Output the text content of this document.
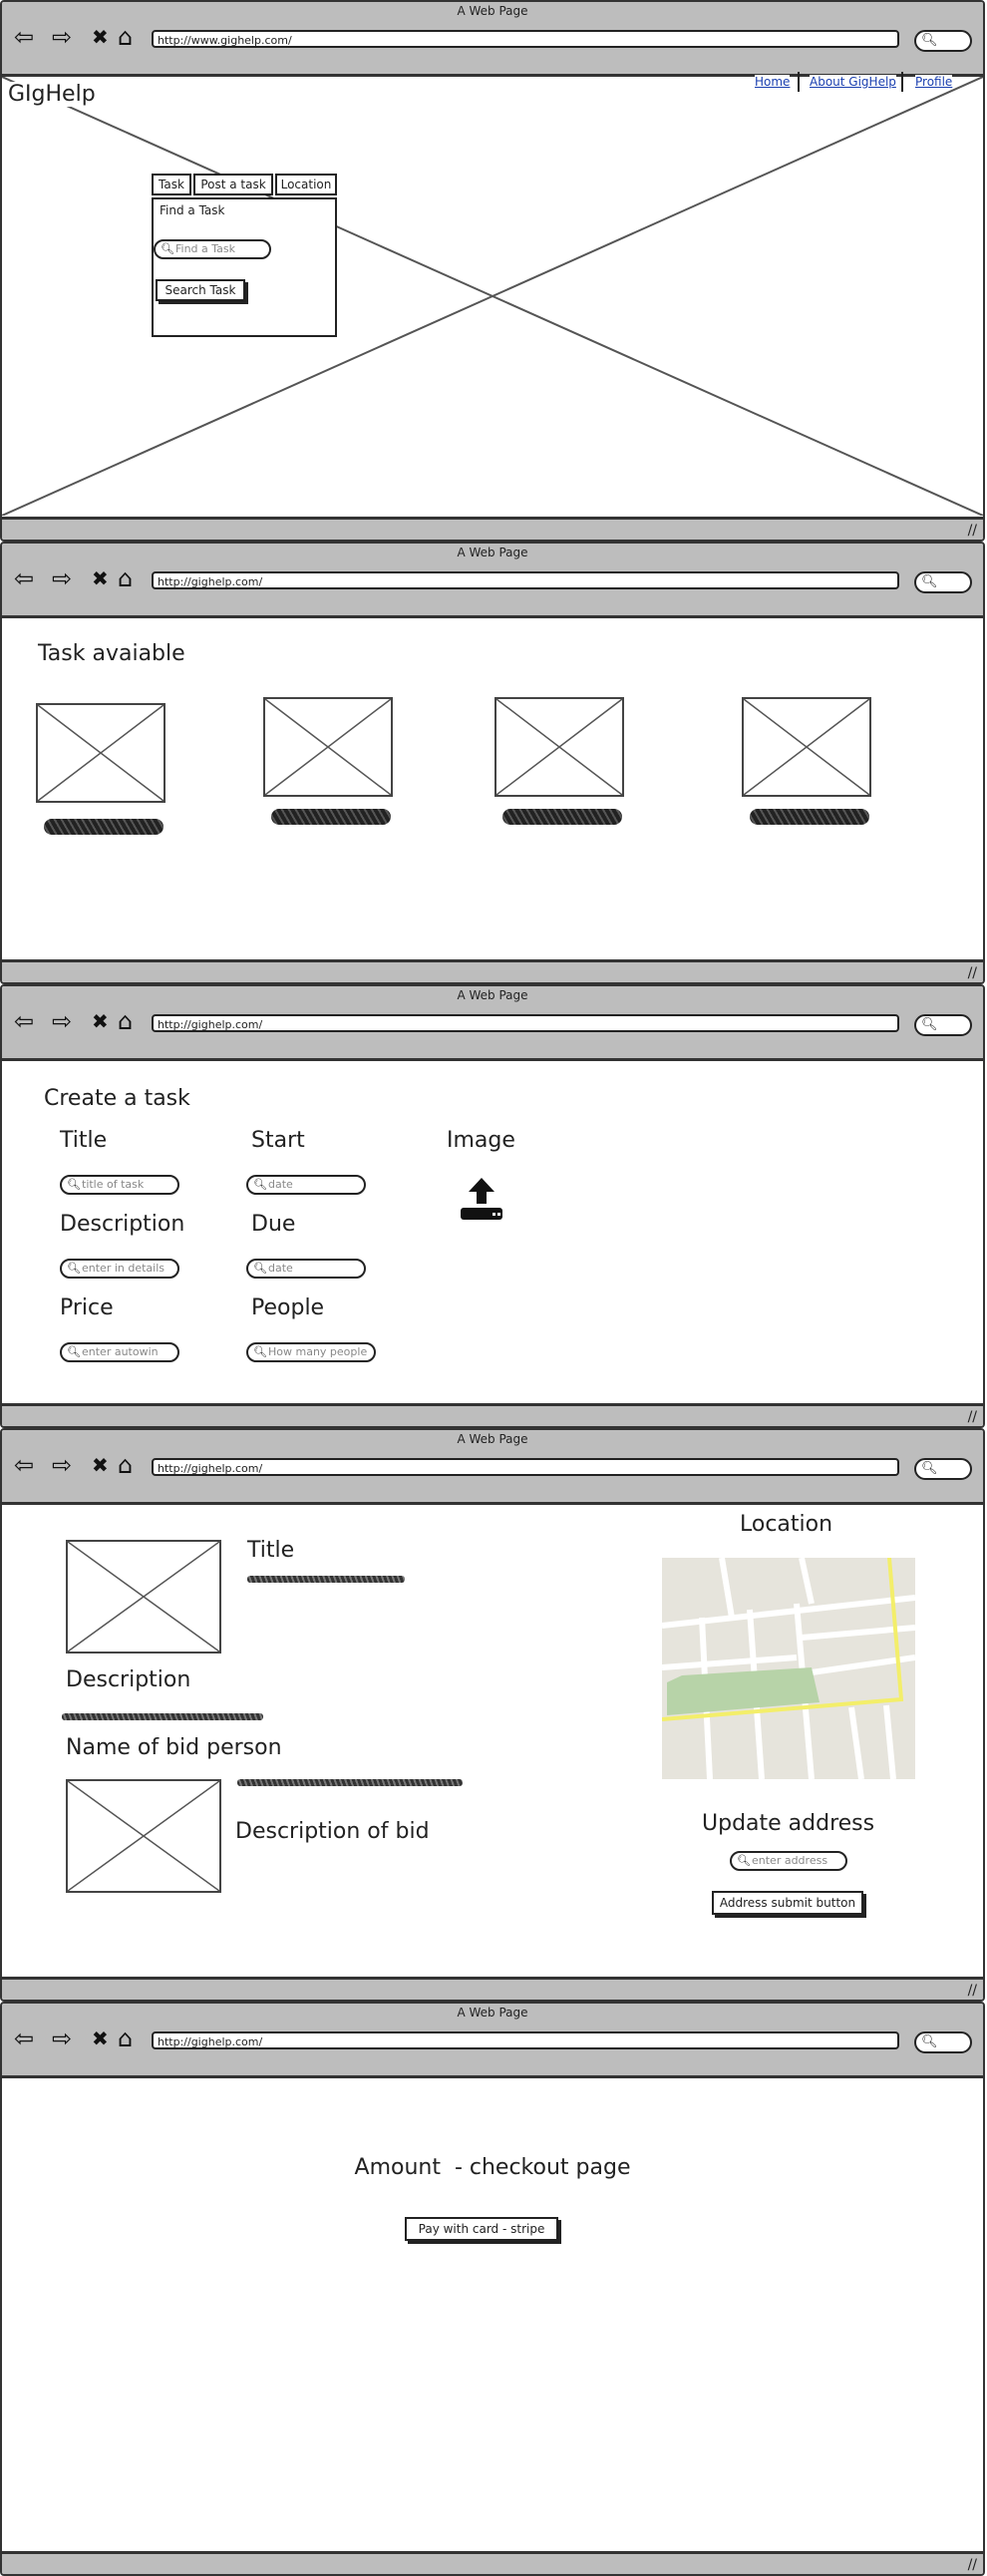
A Web Page
⇦ ⇨ ✖ ⌂	http://www.gighelp.com/	🔍︎
GIgHelp	Home About GigHelp Profile
Task	Post a task	Location
Find a Task
🔍︎ Find a Task
Search Task
//
A Web Page
⇦ ⇨ ✖ ⌂	http://gighelp.com/	🔍︎
Task avaiable
//
A Web Page
⇦ ⇨ ✖ ⌂	http://gighelp.com/	🔍︎
Create a task
Title
🔍︎ title of task
Start
🔍︎ date
Image
Description
🔍︎ enter in details
Due
🔍︎ date
Price
🔍︎ enter autowin
People
🔍︎ How many people
//
A Web Page
⇦ ⇨ ✖ ⌂	http://gighelp.com/	🔍︎
Title
Description
Name of bid person
Description of bid
Location
Update address
🔍︎ enter address
Address submit button
//
A Web Page
⇦ ⇨ ✖ ⌂	http://gighelp.com/	🔍︎
Amount  - checkout page
Pay with card - stripe
//
